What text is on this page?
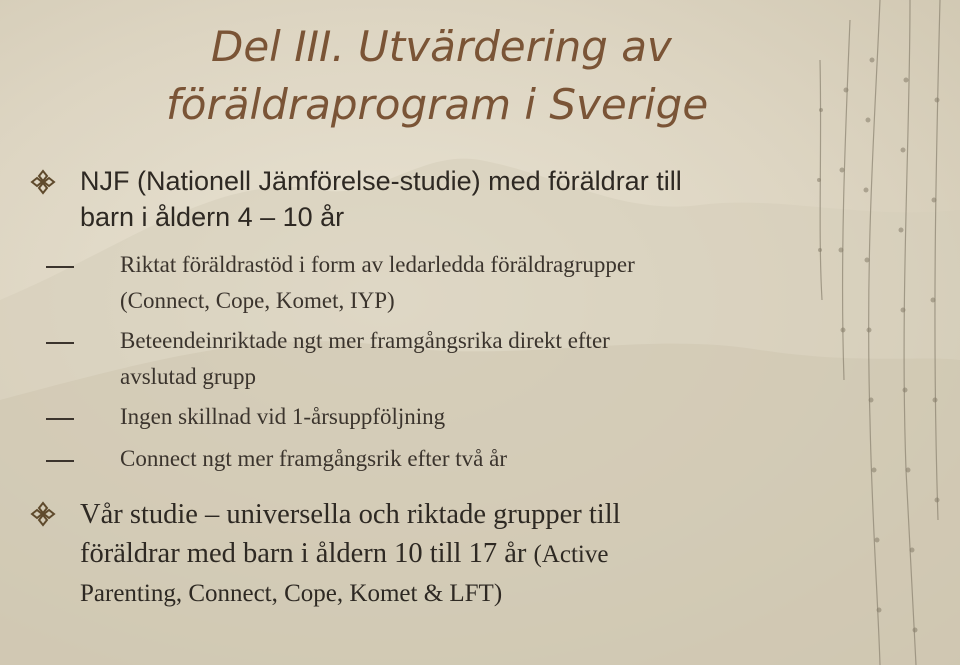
Del III. Utvärdering av
föräldraprogram i Sverige
NJF (Nationell Jämförelse-studie) med föräldrar till
barn i åldern 4 – 10 år
Riktat föräldrastöd i form av ledarledda föräldragrupper
(Connect, Cope, Komet, IYP)
Beteendeinriktade ngt mer framgångsrika direkt efter
avslutad grupp
Ingen skillnad vid 1-årsuppföljning
Connect ngt mer framgångsrik efter två år
Vår studie – universella och riktade grupper till
föräldrar med barn i åldern 10 till 17 år (Active
Parenting, Connect, Cope, Komet & LFT)
